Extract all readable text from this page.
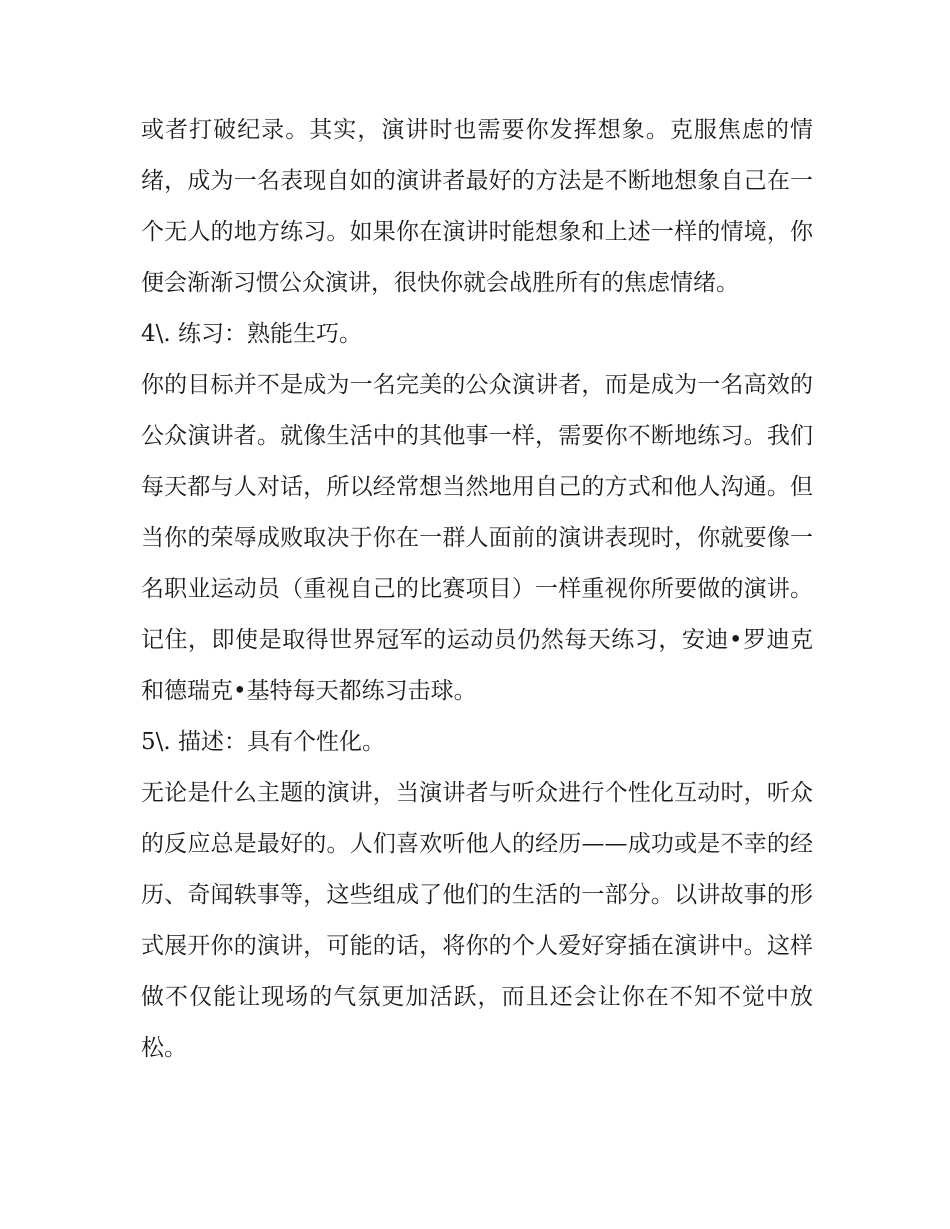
或者打破纪录。其实，演讲时也需要你发挥想象。克服焦虑的情绪，成为一名表现自如的演讲者最好的方法是不断地想象自己在一个无人的地方练习。如果你在演讲时能想象和上述一样的情境，你便会渐渐习惯公众演讲，很快你就会战胜所有的焦虑情绪。

4\. 练习：熟能生巧。

你的目标并不是成为一名完美的公众演讲者，而是成为一名高效的公众演讲者。就像生活中的其他事一样，需要你不断地练习。我们每天都与人对话，所以经常想当然地用自己的方式和他人沟通。但当你的荣辱成败取决于你在一群人面前的演讲表现时，你就要像一名职业运动员（重视自己的比赛项目）一样重视你所要做的演讲。记住，即使是取得世界冠军的运动员仍然每天练习，安迪•罗迪克和德瑞克•基特每天都练习击球。

5\. 描述：具有个性化。

无论是什么主题的演讲，当演讲者与听众进行个性化互动时，听众的反应总是最好的。人们喜欢听他人的经历——成功或是不幸的经历、奇闻轶事等，这些组成了他们的生活的一部分。以讲故事的形式展开你的演讲，可能的话，将你的个人爱好穿插在演讲中。这样做不仅能让现场的气氛更加活跃，而且还会让你在不知不觉中放松。
